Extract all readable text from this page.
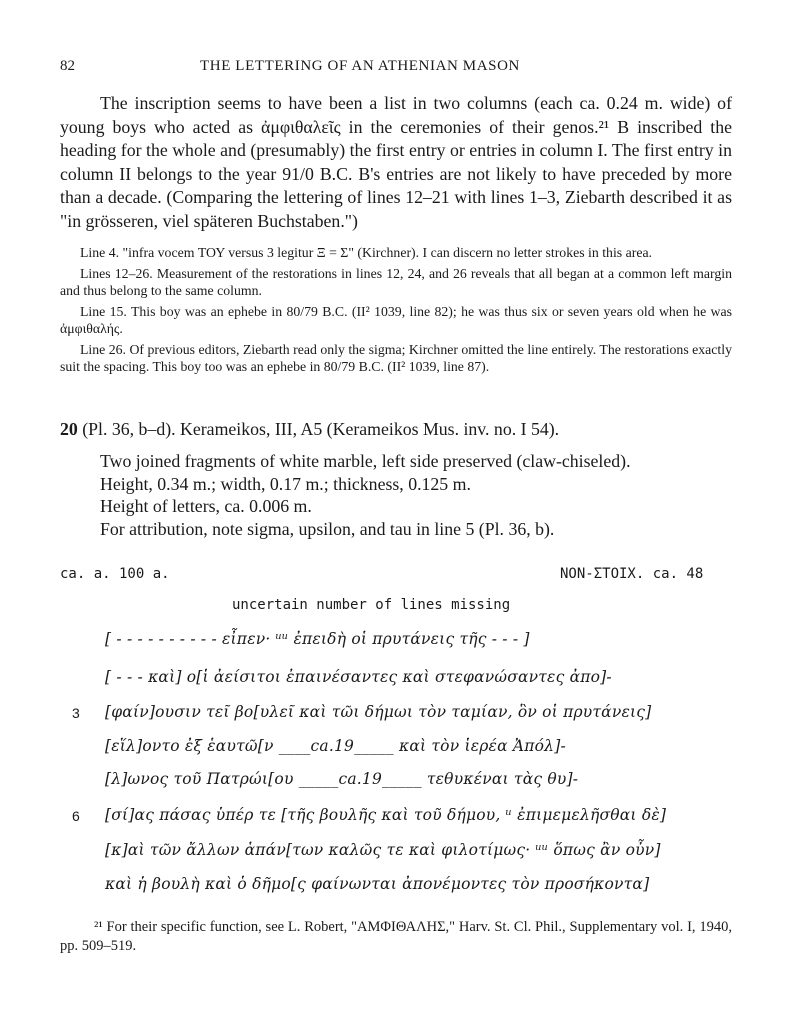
82	THE LETTERING OF AN ATHENIAN MASON
The inscription seems to have been a list in two columns (each ca. 0.24 m. wide) of young boys who acted as ἀμφιθαλεῖς in the ceremonies of their genos.²¹ B inscribed the heading for the whole and (presumably) the first entry or entries in column I. The first entry in column II belongs to the year 91/0 B.C. B's entries are not likely to have preceded by more than a decade. (Comparing the lettering of lines 12–21 with lines 1–3, Ziebarth described it as "in grösseren, viel späteren Buchstaben.")

Line 4. "infra vocem ΤΟΥ versus 3 legitur Ξ = Σ" (Kirchner). I can discern no letter strokes in this area.

Lines 12–26. Measurement of the restorations in lines 12, 24, and 26 reveals that all began at a common left margin and thus belong to the same column.

Line 15. This boy was an ephebe in 80/79 B.C. (II² 1039, line 82); he was thus six or seven years old when he was ἀμφιθαλής.

Line 26. Of previous editors, Ziebarth read only the sigma; Kirchner omitted the line entirely. The restorations exactly suit the spacing. This boy too was an ephebe in 80/79 B.C. (II² 1039, line 87).

20 (Pl. 36, b–d). Kerameikos, III, A5 (Kerameikos Mus. inv. no. I 54).
Two joined fragments of white marble, left side preserved (claw-chiseled).
Height, 0.34 m.; width, 0.17 m.; thickness, 0.125 m.
Height of letters, ca. 0.006 m.
For attribution, note sigma, upsilon, and tau in line 5 (Pl. 36, b).
ca. a. 100 a.	NON-ΣΤΟΙΧ. ca. 48
uncertain number of lines missing
[ - - - - - - - - - - εἶπεν· ᵘᵘ ἐπειδὴ οἱ πρυτάνεις τῆς - - - ]
[ - - - καὶ] ο[ἱ ἀείσιτοι ἐπαινέσαντες καὶ στεφανώσαντες ἀπο]-
3 [φαίν]ουσιν τεῖ βο[υλεῖ καὶ τῶι δήμωι τὸν ταμίαν, ὃν οἱ πρυτάνεις]
[εἵλ]οντο ἐξ ἑαυτῶ[ν ____ca.19_____ καὶ τὸν ἱερέα Ἀπόλ]-
[λ]ωνος τοῦ Πατρώι[ου _____ca.19_____ τεθυκέναι τὰς θυ]-
6 [σί]ας πάσας ὑπέρ τε [τῆς βουλῆς καὶ τοῦ δήμου, ᵘ ἐπιμεμελῆσθαι δὲ]
[κ]αὶ τῶν ἄλλων ἁπάν[των καλῶς τε καὶ φιλοτίμως· ᵘᵘ ὅπως ἂν οὖν]
καὶ ἡ βουλὴ καὶ ὁ δῆμο[ς φαίνωνται ἀπονέμοντες τὸν προσήκοντα]
²¹ For their specific function, see L. Robert, "ΑΜΦΙΘΑΛΗΣ," Harv. St. Cl. Phil., Supplementary vol. I, 1940, pp. 509–519.
